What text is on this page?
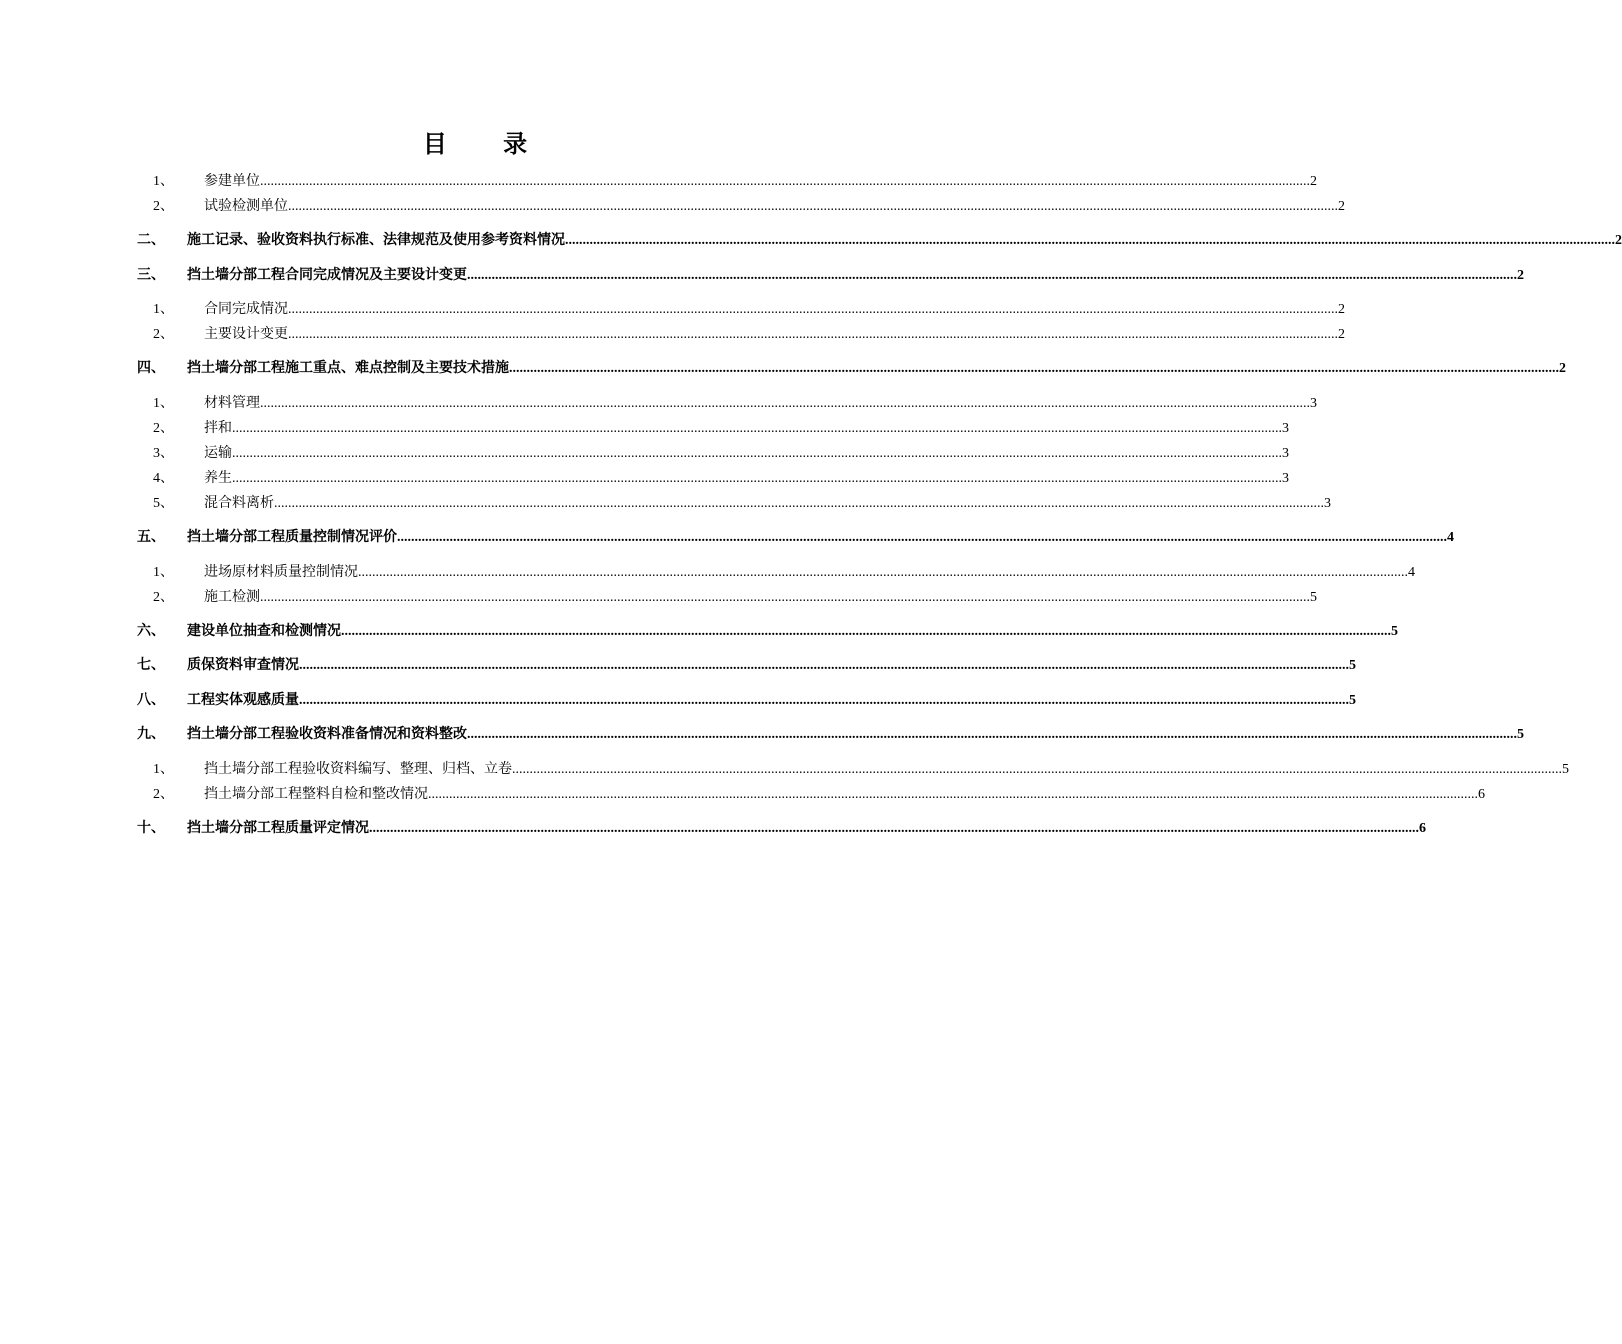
目 录
1、 参建单位 ............................................................................................................................................................................................................................................................................................................ 2
2、 试验检测单位 ............................................................................................................................................................................................................................................................................................................ 2
二、 施工记录、验收资料执行标准、法律规范及使用参考资料情况 ............................................................................................................................................................................................................................................................................................................ 2
三、 挡土墙分部工程合同完成情况及主要设计变更 ............................................................................................................................................................................................................................................................................................................ 2
1、 合同完成情况 ............................................................................................................................................................................................................................................................................................................ 2
2、 主要设计变更 ............................................................................................................................................................................................................................................................................................................ 2
四、 挡土墙分部工程施工重点、难点控制及主要技术措施 ............................................................................................................................................................................................................................................................................................................ 2
1、 材料管理 ............................................................................................................................................................................................................................................................................................................ 3
2、 拌和 ............................................................................................................................................................................................................................................................................................................ 3
3、 运输 ............................................................................................................................................................................................................................................................................................................ 3
4、 养生 ............................................................................................................................................................................................................................................................................................................ 3
5、 混合料离析 ............................................................................................................................................................................................................................................................................................................ 3
五、 挡土墙分部工程质量控制情况评价 ............................................................................................................................................................................................................................................................................................................ 4
1、 进场原材料质量控制情况 ............................................................................................................................................................................................................................................................................................................ 4
2、 施工检测 ............................................................................................................................................................................................................................................................................................................ 5
六、 建设单位抽查和检测情况 ............................................................................................................................................................................................................................................................................................................ 5
七、 质保资料审查情况 ............................................................................................................................................................................................................................................................................................................ 5
八、 工程实体观感质量 ............................................................................................................................................................................................................................................................................................................ 5
九、 挡土墙分部工程验收资料准备情况和资料整改 ............................................................................................................................................................................................................................................................................................................ 5
1、 挡土墙分部工程验收资料编写、整理、归档、立卷 ............................................................................................................................................................................................................................................................................................................ 5
2、 挡土墙分部工程整料自检和整改情况 ............................................................................................................................................................................................................................................................................................................ 6
十、 挡土墙分部工程质量评定情况 ............................................................................................................................................................................................................................................................................................................ 6
